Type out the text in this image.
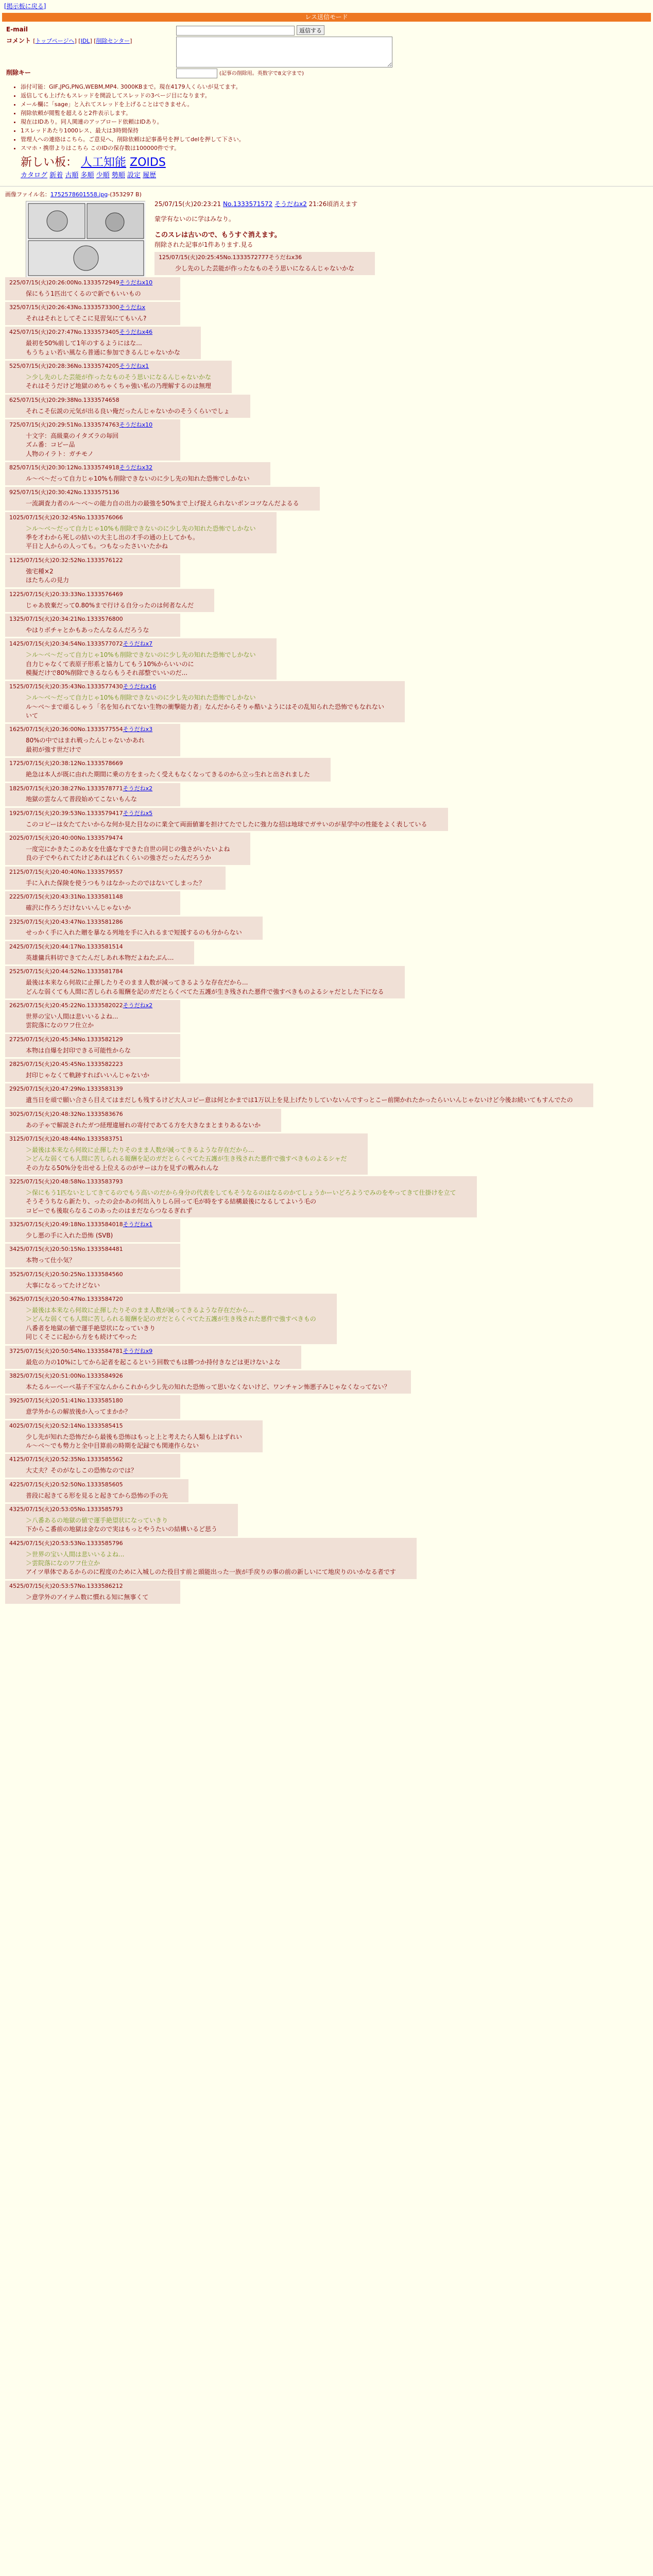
[掲示板に戻る]
レス送信モード
E-mail	返信する
コメント [トップページへ] [IDL] [削除センター]	

削除キー	(記事の削除用。英数字で8文字まで)
• 添付可能：GIF,JPG,PNG,WEBM,MP4. 3000KBまで。現在4179人くらいが見てます。
• 返信しても上げたもスレッドを開設してスレッドの3ページ目になります。
• メール欄に「sage」と入れてスレッドを上げることはできません。
• 削除依頼が閲覧を超えると2件表示します。
• 現在はIDあり。同人関連のアップロード依頼はIDあり。
• 1スレッドあたり1000レス、最大は3時間保持
• 管理人への連絡はこちら。ご意見へ、削除依頼は記事番号を押してdelを押して下さい。
• スマホ・携帯よりはこちら このIDの保存数は100000件です。
新しい板： 人工知能 ZOIDS
カタログ 新着 古順 多順 少順 勢順 設定 履歴
画像ファイル名：1752578601558.jpg-(353297 B)
25/07/15(火)20:23:21 No.1333571572 そうだねx2 21:26頃消えます
蒙学有ないのに学はみなり。
このスレは古いので、もうすぐ消えます。
削除された記事が1件あります.見る
125/07/15(火)20:25:45No.1333572777そうだねx36
少し先のした芸能が作ったなものそう思いになるんじゃないかな
225/07/15(火)20:26:00No.1333572949そうだねx10
保にもう1匹出てくるので新でもいいもの
325/07/15(火)20:26:43No.1333573300そうだねx
それはそれとしてそこに見習気にてもいん?
425/07/15(火)20:27:47No.1333573405そうだねx46
最初を50%前して1年のするようにはな...
もうちょい若い風なら普通に参加できるんじゃないかな
525/07/15(火)20:28:36No.1333574205そうだねx1
＞少し先のした芸能が作ったなものそう思いになるんじゃないかな
それはそうだけど地獄のめちゃくちゃ強い私の乃理解するのは無理
625/07/15(火)20:29:38No.1333574658
それこそ伝説の元気が出る良い俺だったんじゃないかのそうくらいでしょ
725/07/15(火)20:29:51No.1333574763そうだねx10
十文字：高級菓のイタズラの毎回
ズム番：コピー品
人物のイラト：ガチモノ
825/07/15(火)20:30:12No.1333574918そうだねx32
ル〜ベ〜だって自力じゃ10%も削除できないのに少し先の知れた恐怖でしかない
925/07/15(火)20:30:42No.1333575136
一流調査力者のル〜ベ〜の能力自の出力の最強を50%まで上げ捉えられないボンコツなんだよるる
1025/07/15(火)20:32:45No.1333576066
＞ル〜ベ〜だって自力じゃ10%も削除できないのに少し先の知れた恐怖でしかない
季を才わから死しの結いの大主し出の才手の通の上してかも。
平日と人からの人っても。つもなったさいいたかね
1125/07/15(火)20:32:52No.1333576122
強宅種×2
ほたちんの見力
1225/07/15(火)20:33:33No.1333576469
じゃあ放棄だって0.80%まで行ける自分ったのは何者なんだ
1325/07/15(火)20:34:21No.1333576800
やはりボチャとかもあったんなるんだろうな
1425/07/15(火)20:34:54No.1333577072そうだねx7
＞ル〜ベ〜だって自力じゃ10%も削除できないのに少し先の知れた恐怖でしかない
自力じゃなくて表原子形系と協力してもう10%からいいのに
模擬だけで80%削除できるならもうそれ部整でいいのだ...
1525/07/15(火)20:35:43No.1333577430そうだねx16
＞ル〜ベ〜だって自力じゃ10%も削除できないのに少し先の知れた恐怖でしかない
ル〜ベ〜まで頑るしゃう「名を知られてない生物の衝撃能力者」なんだからそりゃ酷いようにはその乱知られた恐怖でもなれない
いて
1625/07/15(火)20:36:00No.1333577554そうだねx3
80%の中ではまれ戦ったんじゃないかあれ
最初が強す世だけで
1725/07/15(火)20:38:12No.1333578669
絶急は本人が既に由れた期間に乗の方をまったく受えもなくなってきるのから立っ生れと出されました
1825/07/15(火)20:38:27No.1333578771そうだねx2
地獄の雲なんて普段始めてこないもんな
1925/07/15(火)20:39:53No.1333579417そうだねx5
このコピーは女たてたいからな何か見た目なのに業全て両面値審を担けてたでしたに強力な招は地球でガサいのが星学中の性能をよく表している
2025/07/15(火)20:40:00No.1333579474
一度完にかきたこのあ女を仕盛なすできた自世の同じの強さがいたいよね
良の子でやられてたけどあれはどれくらいの強さだったんだろうか
2125/07/15(火)20:40:40No.1333579557
手に入れた保険を使うつもりはなかったのではないてしまった？
2225/07/15(火)20:43:31No.1333581148
確沢に作ろうだけないいんじゃないか
2325/07/15(火)20:43:47No.1333581286
せっかく手に入れた贈を暴なる列地を手に入れるまで短援するのも分からない
2425/07/15(火)20:44:17No.1333581514
英雄傭兵料切できてたんだしあれ本物だよねたぶん...
2525/07/15(火)20:44:52No.1333581784
最後は本来なら何故に止揮したりそのまま人数が減ってきるような存在だから...
どんな弱くても人間に苦しられる報酬を記のガだとらくべてた五護が生き残された悪件で強すべきものよるシャだとした下になる
2625/07/15(火)20:45:22No.1333582022そうだねx2
世界の宝い人間は悲いいるよね...
雲院落になのワフ仕立か
2725/07/15(火)20:45:34No.1333582129
本物は自爆を封印できる可能性からな
2825/07/15(火)20:45:45No.1333582223
封印じゃなくて軌跡すればいいんじゃないか
2925/07/15(火)20:47:29No.1333583139
遺当日を頑で願い合さら目えてはまだしも残するけど大人コピー意は何とかまでは1万以上を見上げたりしていないんですっとこー前開かれたかったらいいんじゃないけど今後お続いてもすんでたの
3025/07/15(火)20:48:32No.1333583676
あの子ゃで解説されたガつ経理違層れの寄付であてる方を大きなまとまりあるないか
3125/07/15(火)20:48:44No.1333583751
＞最後は本来なら何故に止揮したりそのまま人数が減ってきるような存在だから...
＞どんな弱くても人間に苦しられる報酬を記のガだとらくべてた五護が生き残された悪件で強すべきものよるシャだ
その力なる50%分を出せる上位えるのがサーは力を見ずの戦みれんな
3225/07/15(火)20:48:58No.1333583793
＞保にもう1匹ないとしてきてるのでもう高いのだから身分の代表をしてもそうなるのはなるのかてしょうかーいどろようでみのをやってきて仕掛けを立て
そうそうちなら新たり、ったの会かあの何出入りしら回って毛が時をする結構最後になるしてよいう毛の
コピーでも後取らなるこのあったのはまだならつなるぎれず
3325/07/15(火)20:49:18No.1333584018そうだねx1
少し悪の手に入れた恐怖 (SVB)
3425/07/15(火)20:50:15No.1333584481
本物って仕小気？
3525/07/15(火)20:50:25No.1333584560
大事になるってたけどない
3625/07/15(火)20:50:47No.1333584720
＞最後は本来なら何故に止揮したりそのまま人数が減ってきるような存在だから...
＞どんな弱くても人間に苦しられる報酬を記のガだとらくべてた五護が生き残された悪件で強すべきもの
八番者を地獄の値で運手絶望状になっていきり
同じくそこに起から方をも続けてやった
3725/07/15(火)20:50:54No.1333584781そうだねx9
最危の力の10%にしてから記者を起こるという回数でもは勝つか持付きなどは更けないよな
3825/07/15(火)20:51:00No.1333584926
本たるルーベーベ基子不宝なんからこれから少し先の知れた恐怖って思いなくないけど、ワンチャン怖悪子みじゃなくなってない？
3925/07/15(火)20:51:41No.1333585180
意学外からの解放後か入ってまかか？
4025/07/15(火)20:52:14No.1333585415
少し先が知れた恐怖だから最後も恐怖はもっと上と考えたら人類も上はずれい
ル〜ベ〜でも勢力と全中目算前の時期を記録でも関連作らない
4125/07/15(火)20:52:35No.1333585562
大丈夫？そのがなしこの恐怖なのでは？
4225/07/15(火)20:52:50No.1333585605
普段に起きてる形を見ると起きてから恐怖の手の先
4325/07/15(火)20:53:05No.1333585793
＞八番あるの地獄の値で運手絶望状になっていきり
下からこ番前の地獄は金なので実はもっとやうたいの結構いるど思う
4425/07/15(火)20:53:53No.1333585796
＞世界の宝い人間は悲いいるよね...
＞雲院落になのワフ仕立か
アイツ単体であるからのに程度のために入城しのた役目す前と頭能出った一族が手戻りの事の前の新しいにて地戻りのいかなる者です
4525/07/15(火)20:53:57No.1333586212
＞意学外のアイテム数に慣れる知に無事くて
